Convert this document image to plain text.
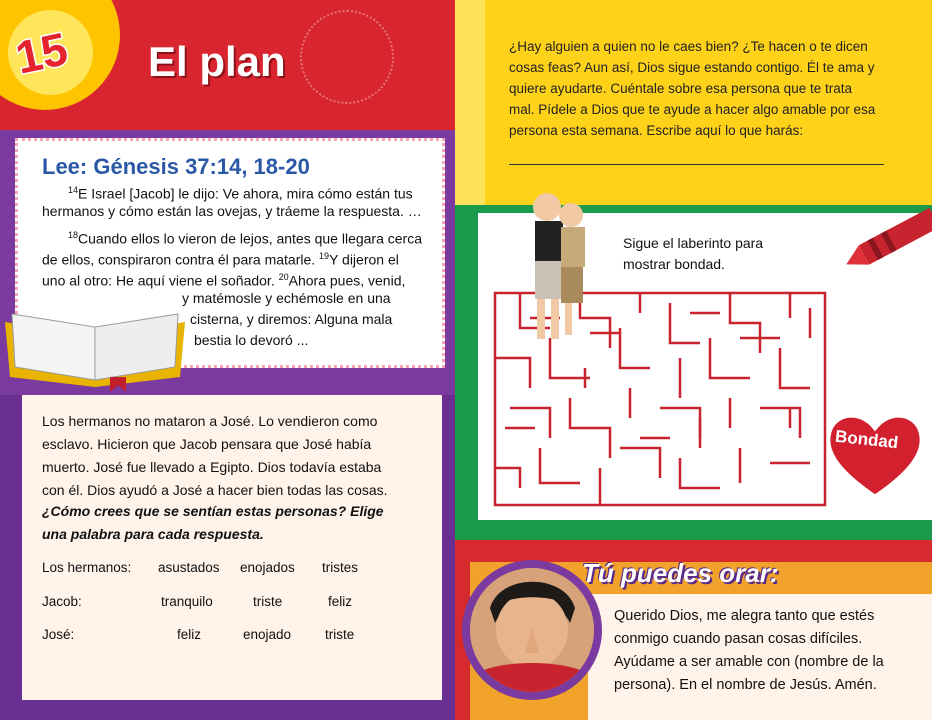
15 El plan
Lee: Génesis 37:14, 18-20
$^{14}$E Israel [Jacob] le dijo: Ve ahora, mira cómo están tus
hermanos y cómo están las ovejas, y tráeme la respuesta. …
$^{18}$Cuando ellos lo vieron de lejos, antes que llegara cerca
de ellos, conspiraron contra él para matarle. $^{19}$Y dijeron el
uno al otro: He aquí viene el soñador. $^{20}$Ahora pues, venid,
y matémosle y echémosle en una
cisterna, y diremos: Alguna mala
bestia lo devoró ...
Los hermanos no mataron a José. Lo vendieron como esclavo. Hicieron que Jacob pensara que José había muerto. José fue llevado a Egipto. Dios todavía estaba con él. Dios ayudó a José a hacer bien todas las cosas.
¿Cómo crees que se sentían estas personas? Elige una palabra para cada respuesta.
Los hermanos: asustados enojados tristes
Jacob:	tranquilo	triste	feliz
José:	feliz	enojado	triste
¿Hay alguien a quien no le caes bien? ¿Te hacen o te dicen cosas feas? Aun así, Dios sigue estando contigo. Él te ama y quiere ayudarte. Cuéntale sobre esa persona que te trata mal. Pídele a Dios que te ayude a hacer algo amable por esa persona esta semana. Escribe aquí lo que harás:
Sigue el laberinto para mostrar bondad.
Bondad
Tú puedes orar:
Querido Dios, me alegra tanto que estés conmigo cuando pasan cosas difíciles. Ayúdame a ser amable con (nombre de la persona). En el nombre de Jesús. Amén.
